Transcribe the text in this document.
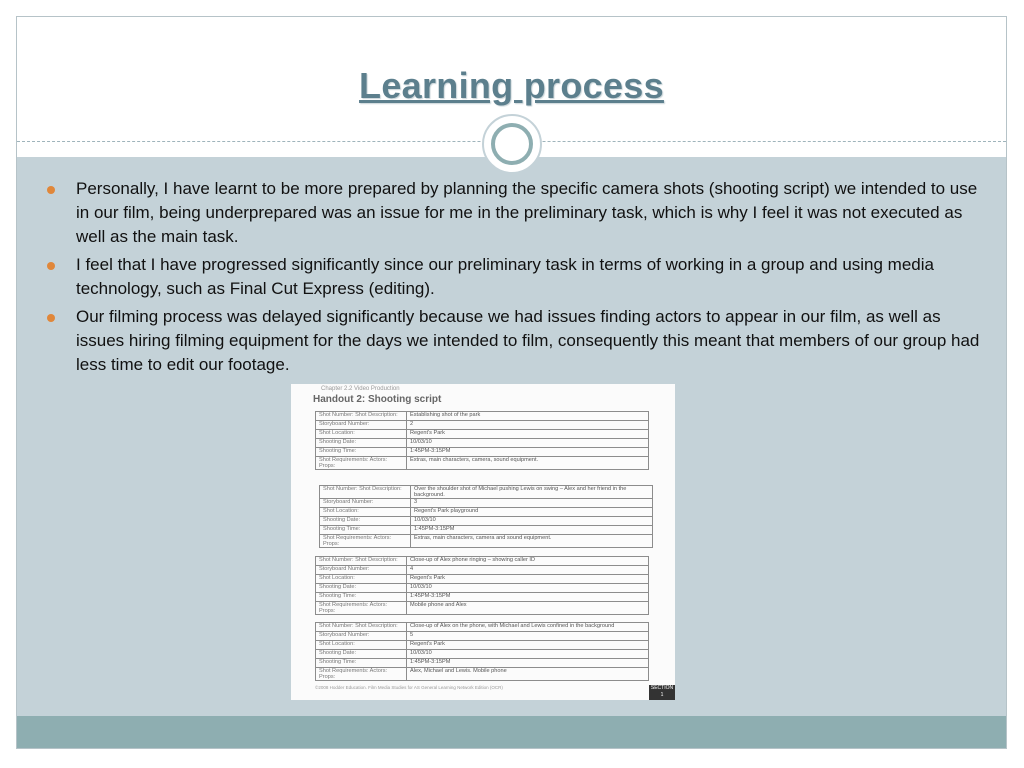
Learning process
Personally, I have learnt to be more prepared by planning the specific camera shots (shooting script) we intended to use in our film, being underprepared was an issue for me in the preliminary task, which is why I feel it was not executed as well as the main task.
I feel that I have progressed significantly since our preliminary task in terms of working in a group and using media technology, such as Final Cut Express (editing).
Our filming process was delayed significantly because we had issues finding actors to appear in our film, as well as issues hiring filming equipment for the days we intended to film, consequently this meant that members of our group had less time to edit our footage.
Chapter 2.2 Video Production
Handout 2: Shooting script
©2008 Hodder Education. Film Media Studies for AS General Learning Network Edition (OCR)	SECTION 1
Shot Number: Shot Description:	Establishing shot of the park
Storyboard Number:	2
Shot Location:	Regent's Park
Shooting Date:	10/03/10
Shooting Time:	1:45PM-3:15PM
Shot Requirements: Actors: Props:	Extras, main characters, camera, sound equipment.
Shot Number: Shot Description:	Over the shoulder shot of Michael pushing Lewis on swing – Alex and her friend in the background.
Storyboard Number:	3
Shot Location:	Regent's Park playground
Shooting Date:	10/03/10
Shooting Time:	1:45PM-3:15PM
Shot Requirements: Actors: Props:	Extras, main characters, camera and sound equipment.
Shot Number: Shot Description:	Close-up of Alex phone ringing – showing caller ID
Storyboard Number:	4
Shot Location:	Regent's Park
Shooting Date:	10/03/10
Shooting Time:	1:45PM-3:15PM
Shot Requirements: Actors: Props:	Mobile phone and Alex
Shot Number: Shot Description:	Close-up of Alex on the phone, with Michael and Lewis confined in the background
Storyboard Number:	5
Shot Location:	Regent's Park
Shooting Date:	10/03/10
Shooting Time:	1:45PM-3:15PM
Shot Requirements: Actors: Props:	Alex, Michael and Lewis. Mobile phone
